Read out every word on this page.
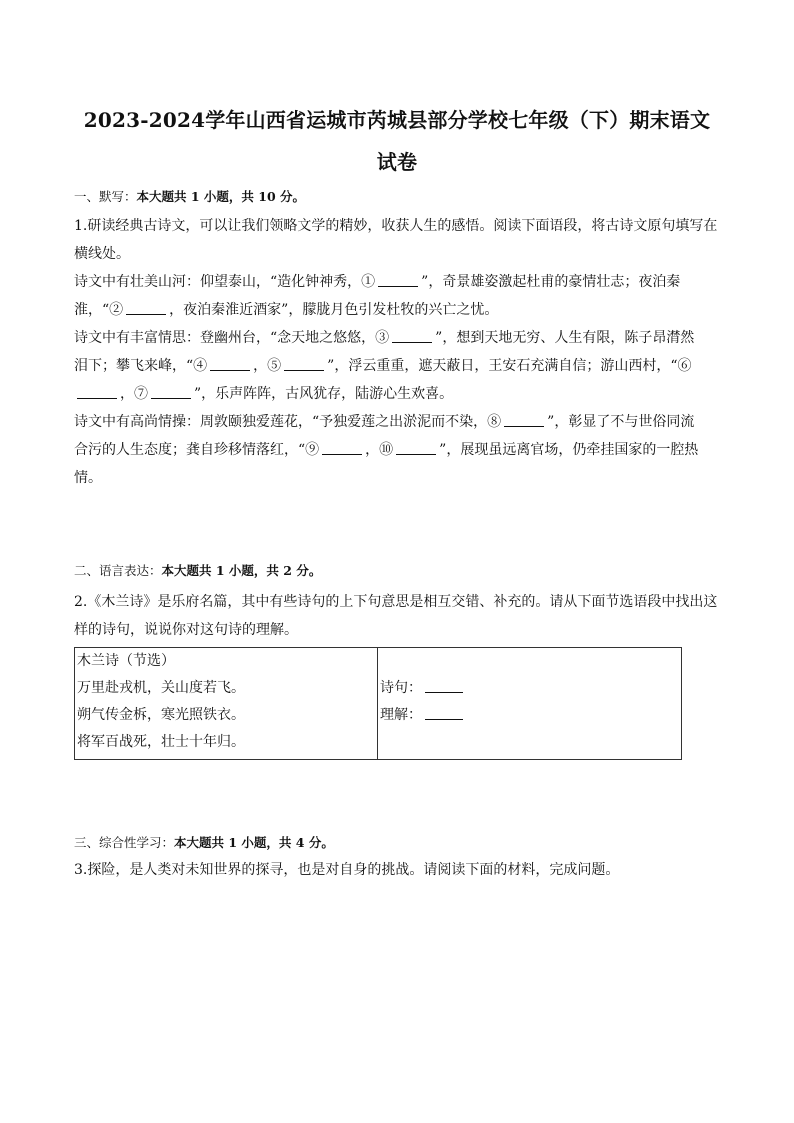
2023-2024学年山西省运城市芮城县部分学校七年级（下）期末语文
试卷
一、默写：本大题共 1 小题，共 10 分。
1.研读经典古诗文，可以让我们领略文学的精妙，收获人生的感悟。阅读下面语段，将古诗文原句填写在
横线处。
诗文中有壮美山河：仰望泰山，“造化钟神秀，①	”，奇景雄姿激起杜甫的豪情壮志；夜泊秦
淮，“②	，夜泊秦淮近酒家”，朦胧月色引发杜牧的兴亡之忧。
诗文中有丰富情思：登幽州台，“念天地之悠悠，③	”，想到天地无穷、人生有限，陈子昂潸然
泪下；攀飞来峰，“④	，⑤	”，浮云重重，遮天蔽日，王安石充满自信；游山西村，“⑥
，⑦	”，乐声阵阵，古风犹存，陆游心生欢喜。
诗文中有高尚情操：周敦颐独爱莲花，“予独爱莲之出淤泥而不染，⑧	”，彰显了不与世俗同流
合污的人生态度；龚自珍移情落红，“⑨	，⑩	”，展现虽远离官场，仍牵挂国家的一腔热
情。
二、语言表达：本大题共 1 小题，共 2 分。
2.《木兰诗》是乐府名篇，其中有些诗句的上下句意思是相互交错、补充的。请从下面节选语段中找出这
样的诗句，说说你对这句诗的理解。
木兰诗（节选）
万里赴戎机，关山度若飞。
朔气传金柝，寒光照铁衣。
将军百战死，壮士十年归。

诗句：
理解：
三、综合性学习：本大题共 1 小题，共 4 分。
3.探险，是人类对未知世界的探寻，也是对自身的挑战。请阅读下面的材料，完成问题。
